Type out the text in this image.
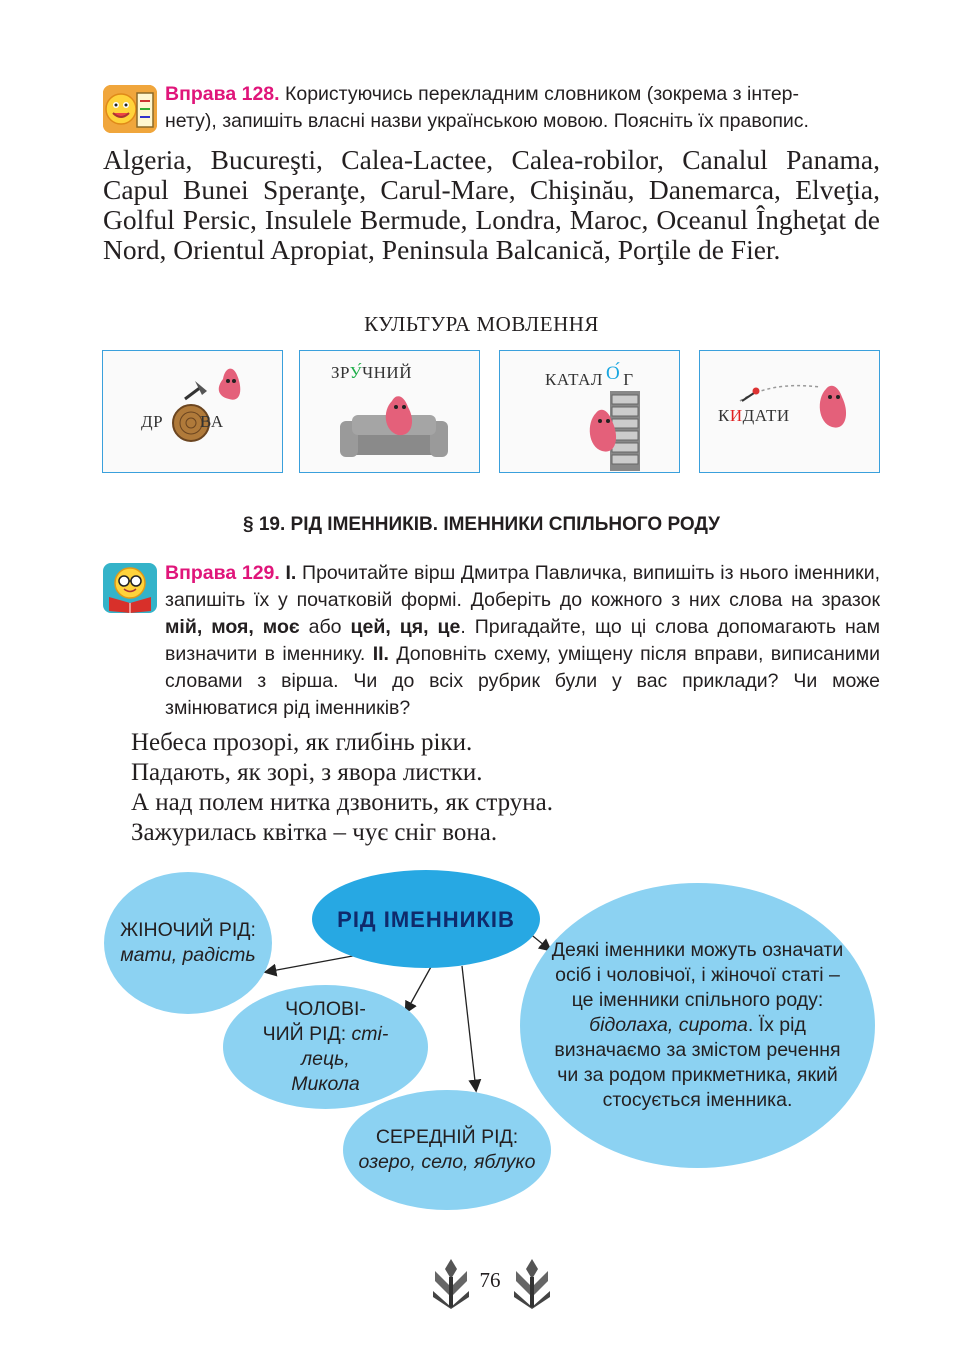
Вправа 128. Користуючись перекладним словником (зокрема з інтер-
нету), запишіть власні назви українською мовою. Поясніть їх правопис.
Algeria, Bucureşti, Calea-Lactee, Calea-robilor, Canalul Panama, Capul Bunei Speranţe, Carul-Mare, Chişinău, Danemarca, Elveţia, Golful Persic, Insulele Bermude, Londra, Maroc, Oceanul Îngheţat de Nord, Orientul Apropiat, Peninsula Balcanică, Porţile de Fier.
КУЛЬТУРА МОВЛЕННЯ
ДР ВА
ЗРУ́ЧНИЙ	КАТАЛ О́ Г
КИДАТИ
§ 19. РІД ІМЕННИКІВ. ІМЕННИКИ СПІЛЬНОГО РОДУ
Вправа 129. І. Прочитайте вірш Дмитра Павличка, випишіть із нього іменники, запишіть їх у початковій формі. Доберіть до кожного з них слова на зразок мій, моя, моє або цей, ця, це. Пригадайте, що ці слова допомагають нам визначити в іменнику. ІІ. Доповніть схему, уміщену після вправи, виписаними словами з вірша. Чи до всіх рубрик були у вас приклади? Чи може змінюватися рід іменників?
Небеса прозорі, як глибінь ріки.
Падають, як зорі, з явора листки.
А над полем нитка дзвонить, як струна.
Зажурилась квітка – чує сніг вона.
ЖІНОЧИЙ РІД: мати, радість
РІД ІМЕННИКІВ
ЧОЛОВІ-
ЧИЙ РІД: сті-
лець,
Микола
СЕРЕДНІЙ РІД:
озеро, село, яблуко
Деякі іменники можуть означати осіб і чоловічої, і жіночої статі – це іменники спільного роду: бідолаха, сирота. Їх рід визначаємо за змістом речення чи за родом прикметника, який стосується іменника.
76
